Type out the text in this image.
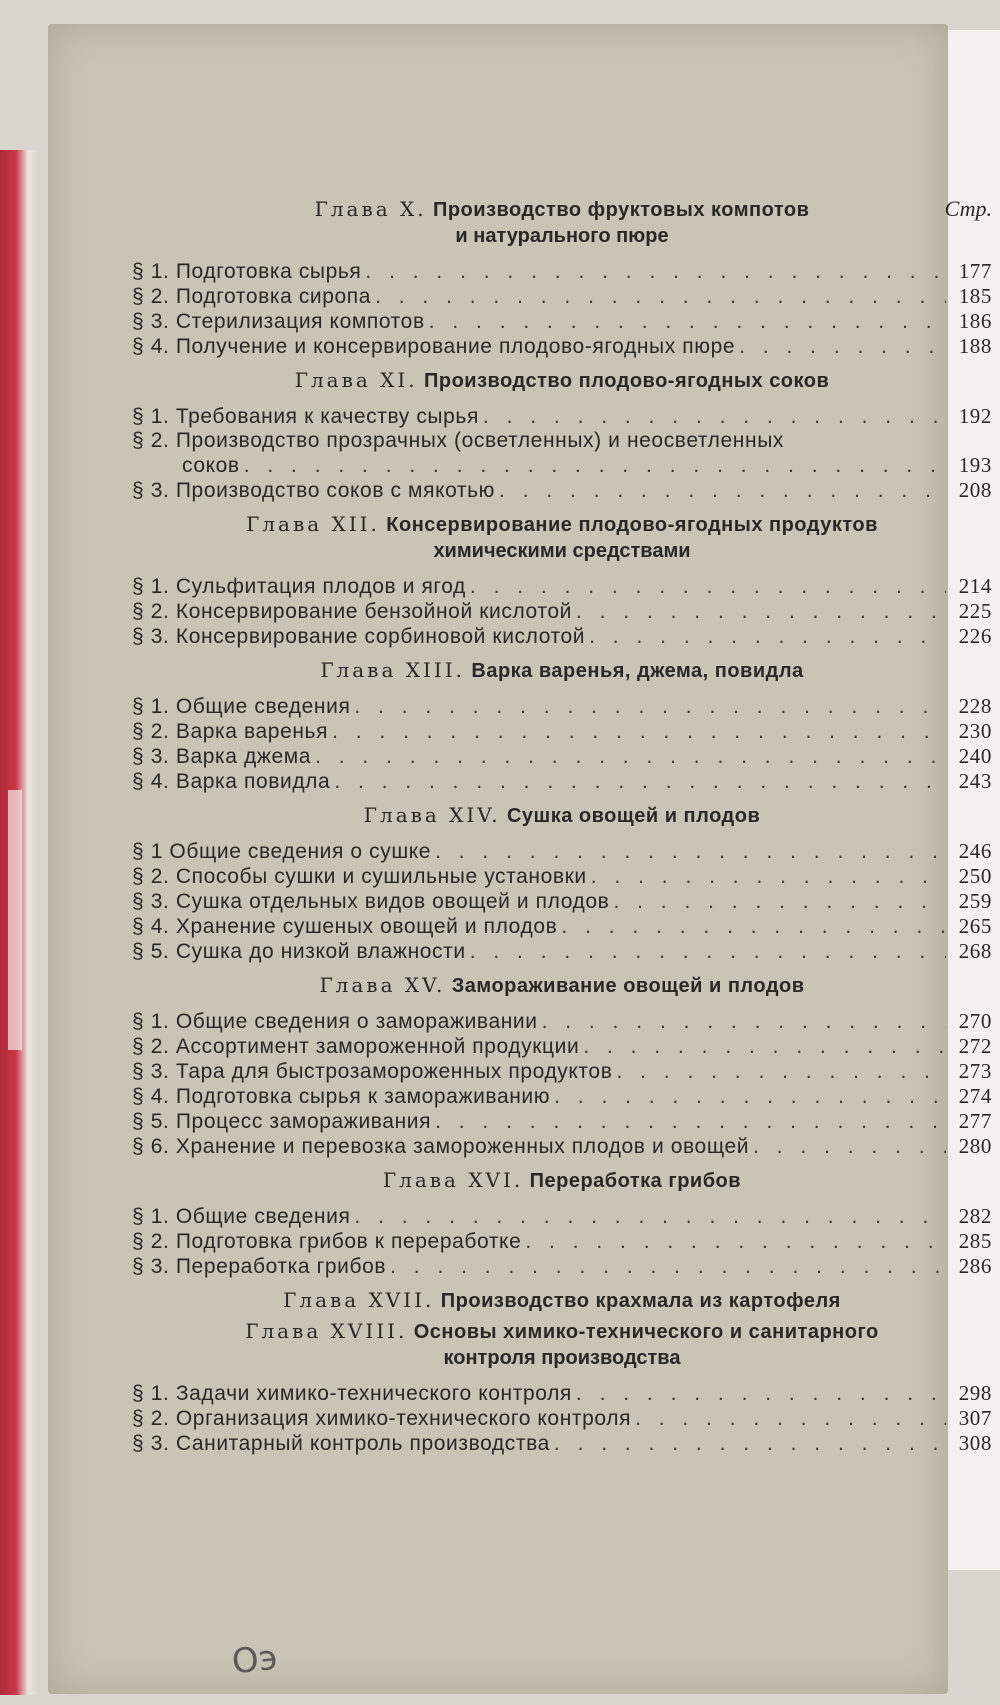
Стр.
Глава X. Производство фруктовых компотов
и натурального пюре
§ 1. Подготовка сырья . . .	177
§ 2. Подготовка сиропа . . .	185
§ 3. Стерилизация компотов . . .	186
§ 4. Получение и консервирование плодово-ягодных пюре . . .	188
Глава XI. Производство плодово-ягодных соков
§ 1. Требования к качеству сырья . . .	192
§ 2. Производство прозрачных (осветленных) и неосветленных
соков . . .	193
§ 3. Производство соков с мякотью . . .	208
Глава XII. Консервирование плодово-ягодных продуктов
химическими средствами
§ 1. Сульфитация плодов и ягод . . .	214
§ 2. Консервирование бензойной кислотой . . .	225
§ 3. Консервирование сорбиновой кислотой . . .	226
Глава XIII. Варка варенья, джема, повидла
§ 1. Общие сведения . . .	228
§ 2. Варка варенья . . .	230
§ 3. Варка джема . . .	240
§ 4. Варка повидла . . .	243
Глава XIV. Сушка овощей и плодов
§ 1 Общие сведения о сушке . . .	246
§ 2. Способы сушки и сушильные установки . . .	250
§ 3. Сушка отдельных видов овощей и плодов . . .	259
§ 4. Хранение сушеных овощей и плодов . . .	265
§ 5. Сушка до низкой влажности . . .	268
Глава XV. Замораживание овощей и плодов
§ 1. Общие сведения о замораживании . . .	270
§ 2. Ассортимент замороженной продукции . . .	272
§ 3. Тара для быстрозамороженных продуктов . . .	273
§ 4. Подготовка сырья к замораживанию . . .	274
§ 5. Процесс замораживания . . .	277
§ 6. Хранение и перевозка замороженных плодов и овощей . . .	280
Глава XVI. Переработка грибов
§ 1. Общие сведения . . .	282
§ 2. Подготовка грибов к переработке . . .	285
§ 3. Переработка грибов . . .	286
Глава XVII. Производство крахмала из картофеля
Глава XVIII. Основы химико-технического и санитарного
контроля производства
§ 1. Задачи химико-технического контроля . . .	298
§ 2. Организация химико-технического контроля . . .	307
§ 3. Санитарный контроль производства . . .	308
Оэ
